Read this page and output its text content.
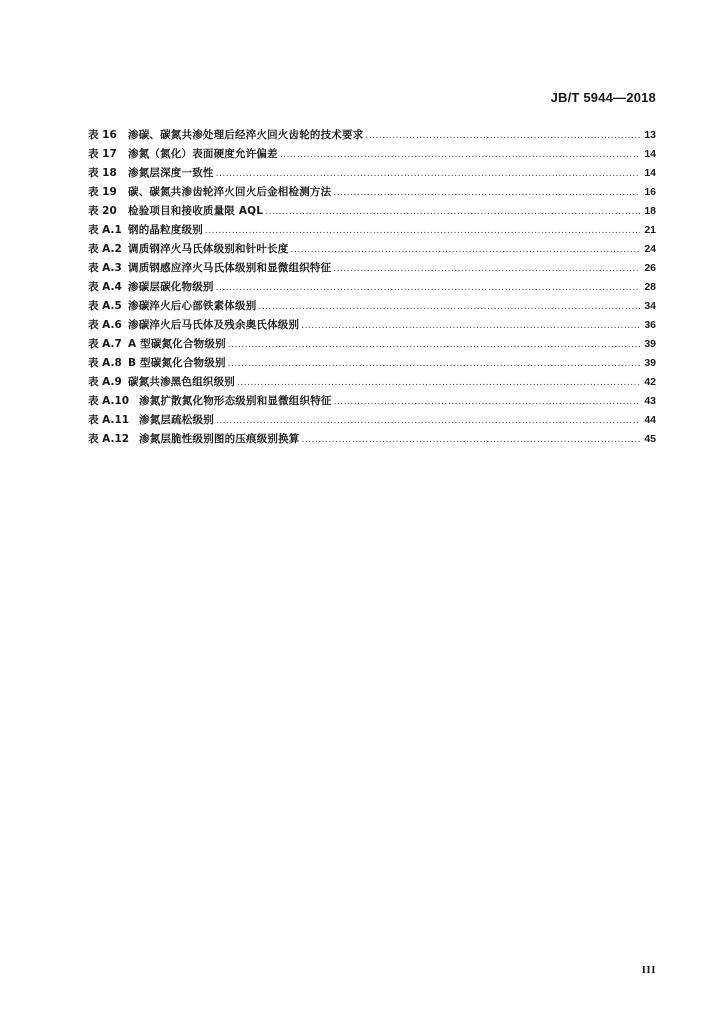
JB/T 5944—2018
表 16	渗碳、碳氮共渗处理后经淬火回火齿轮的技术要求 .....	13
表 17	渗氮（氮化）表面硬度允许偏差 .....	14
表 18	渗氮层深度一致性 .....	14
表 19	碳、碳氮共渗齿轮淬火回火后金相检测方法 .....	16
表 20	检验项目和接收质量限 AQL .....	18
表 A.1 钢的晶粒度级别 .....	21
表 A.2 调质钢淬火马氏体级别和针叶长度 .....	24
表 A.3 调质钢感应淬火马氏体级别和显微组织特征 .....	26
表 A.4 渗碳层碳化物级别 .....	28
表 A.5 渗碳淬火后心部铁素体级别 .....	34
表 A.6 渗碳淬火后马氏体及残余奥氏体级别 .....	36
表 A.7 A 型碳氮化合物级别 .....	39
表 A.8 B 型碳氮化合物级别 .....	39
表 A.9 碳氮共渗黑色组织级别 .....	42
表 A.10 渗氮扩散氮化物形态级别和显微组织特征 .....	43
表 A.11 渗氮层疏松级别 .....	44
表 A.12 渗氮层脆性级别图的压痕级别换算 .....	45
III
